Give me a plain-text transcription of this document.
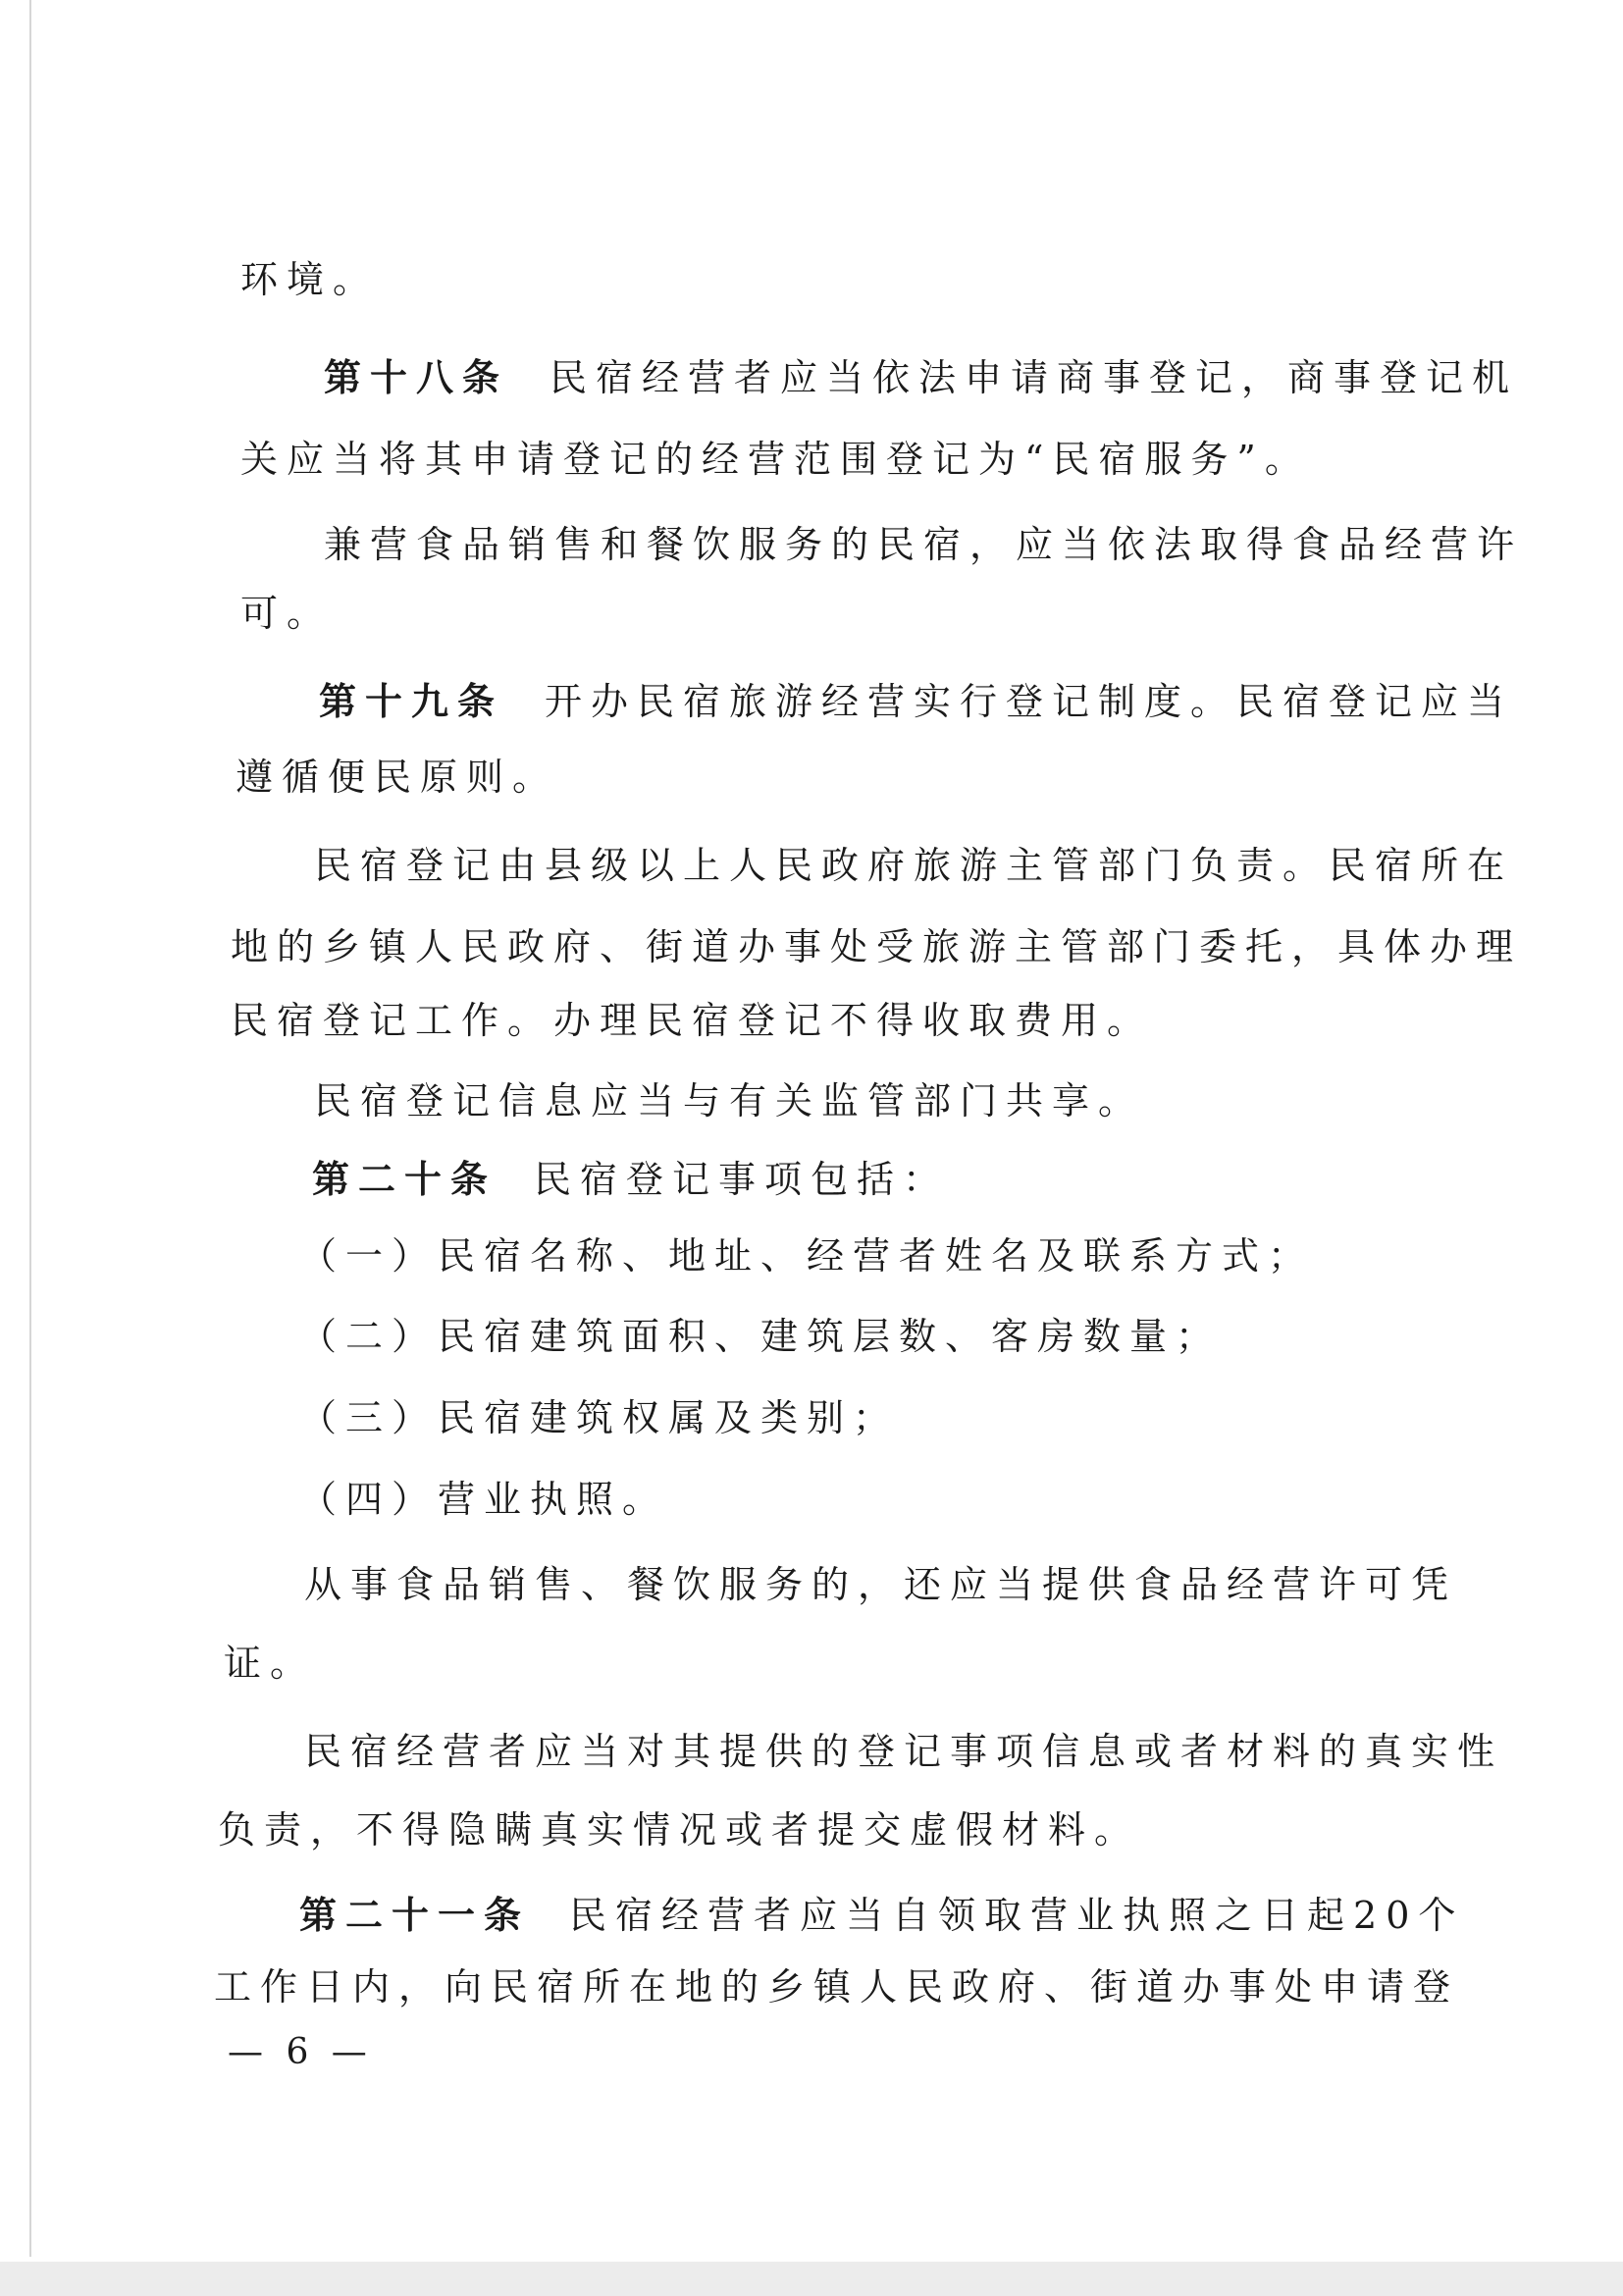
环境。
第十八条 民宿经营者应当依法申请商事登记，商事登记机
关应当将其申请登记的经营范围登记为“民宿服务”。
兼营食品销售和餐饮服务的民宿，应当依法取得食品经营许
可。
第十九条 开办民宿旅游经营实行登记制度。民宿登记应当
遵循便民原则。
民宿登记由县级以上人民政府旅游主管部门负责。民宿所在
地的乡镇人民政府、街道办事处受旅游主管部门委托，具体办理
民宿登记工作。办理民宿登记不得收取费用。
民宿登记信息应当与有关监管部门共享。
第二十条 民宿登记事项包括：
（一）民宿名称、地址、经营者姓名及联系方式；
（二）民宿建筑面积、建筑层数、客房数量；
（三）民宿建筑权属及类别；
（四）营业执照。
从事食品销售、餐饮服务的，还应当提供食品经营许可凭
证。
民宿经营者应当对其提供的登记事项信息或者材料的真实性
负责，不得隐瞒真实情况或者提交虚假材料。
第二十一条 民宿经营者应当自领取营业执照之日起20个
工作日内，向民宿所在地的乡镇人民政府、街道办事处申请登
— 6 —
